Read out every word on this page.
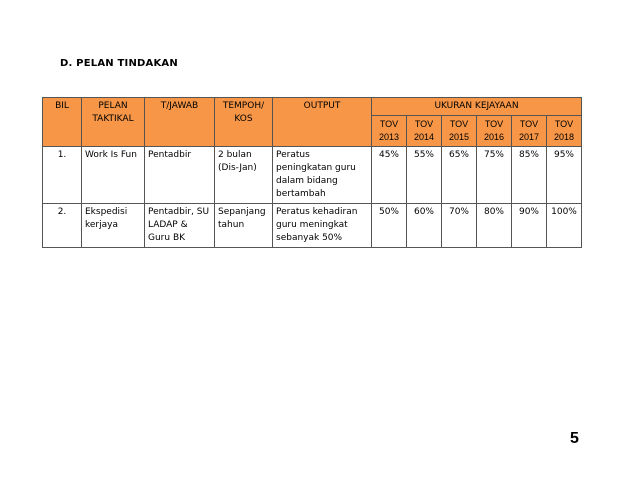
D. PELAN TINDAKAN
BIL	PELAN TAKTIKAL	T/JAWAB	TEMPOH/ KOS	OUTPUT	UKURAN KEJAYAAN					
					TOV 2013	TOV 2014	TOV 2015	TOV 2016	TOV 2017	TOV 2018
1.	Work Is Fun	Pentadbir	2 bulan (Dis-Jan)	Peratus peningkatan guru dalam bidang bertambah	45%	55%	65%	75%	85%	95%
2.	Ekspedisi kerjaya	Pentadbir, SU LADAP & Guru BK	Sepanjang tahun	Peratus kehadiran guru meningkat sebanyak 50%	50%	60%	70%	80%	90%	100%
5
